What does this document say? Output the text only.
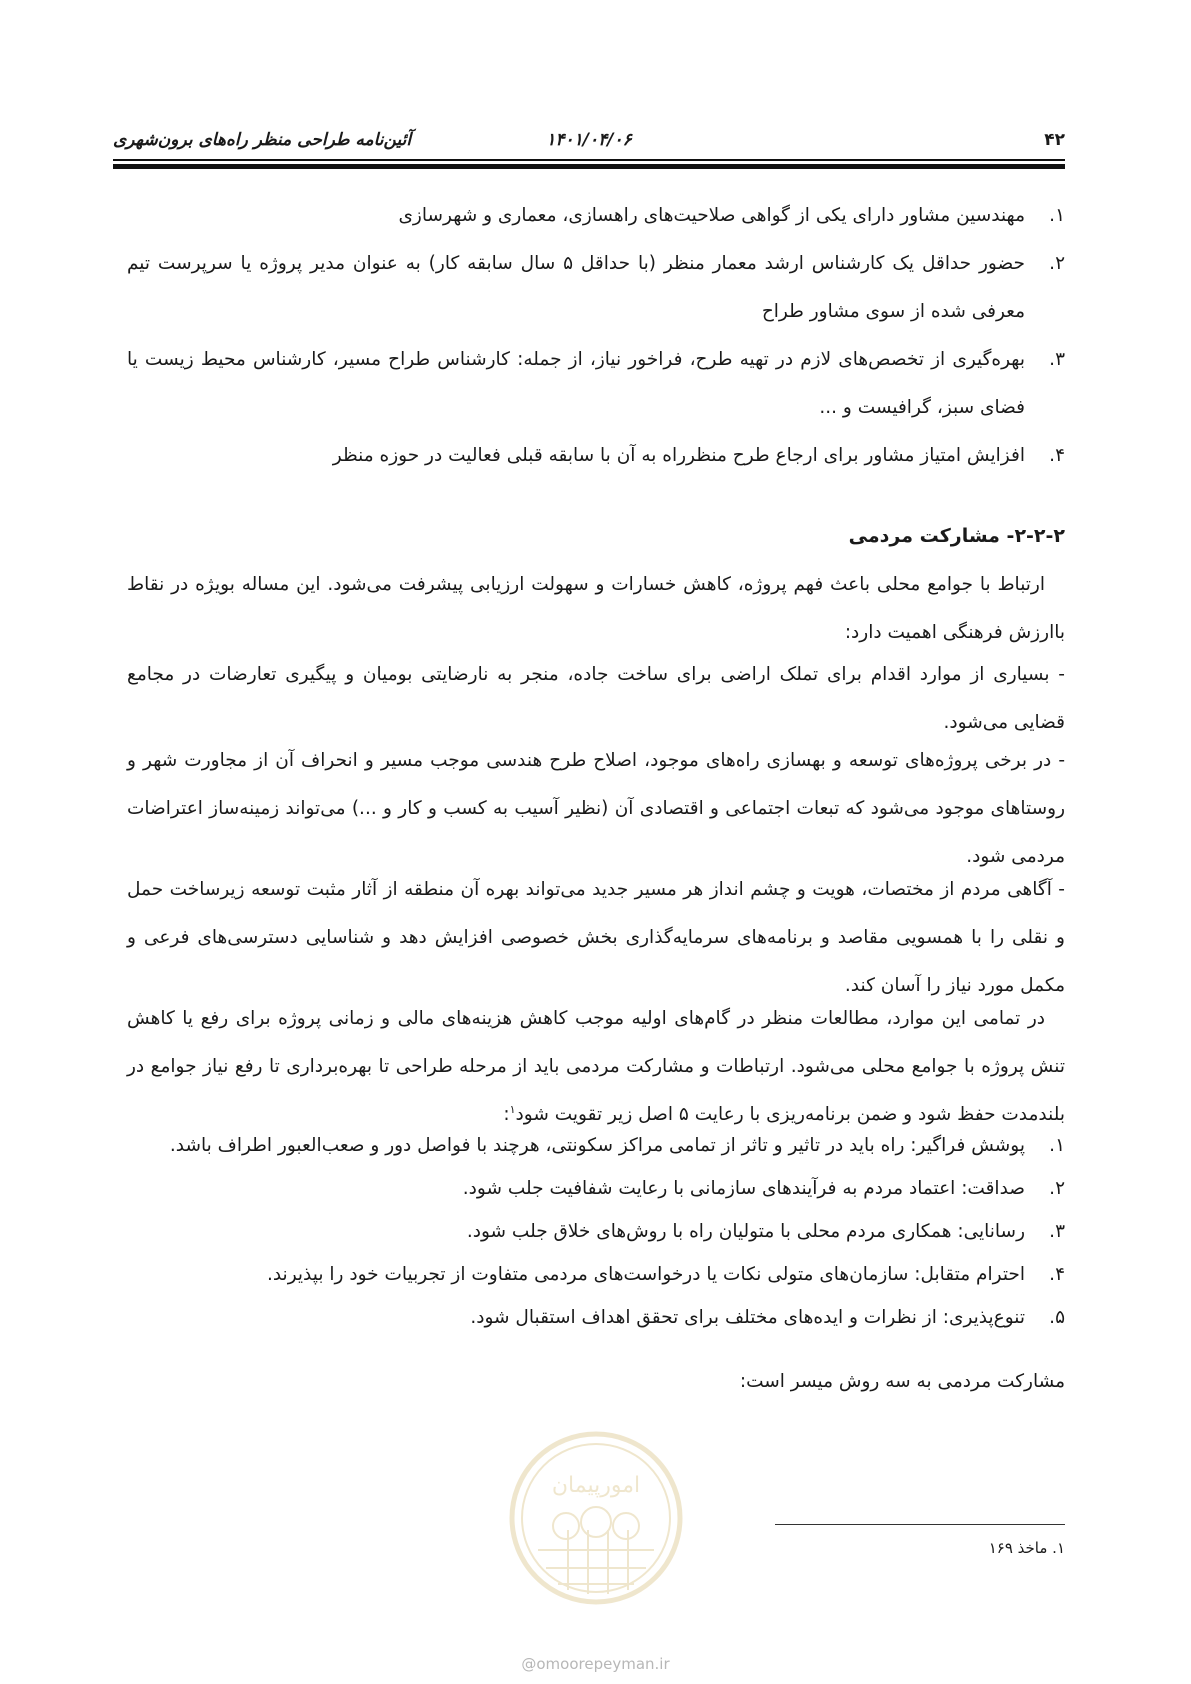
۴۲
۱۴۰۱/۰۴/۰۶
آئین‌نامه طراحی منظر راه‌های برون‌شهری
۱.
مهندسین مشاور دارای یکی از گواهی صلاحیت‌های راهسازی، معماری و شهرسازی
۲.
حضور حداقل یک کارشناس ارشد معمار منظر (با حداقل ۵ سال سابقه کار) به عنوان مدیر پروژه یا سرپرست تیم معرفی شده از سوی مشاور طراح
۳.
بهره‌گیری از تخصص‌های لازم در تهیه طرح، فراخور نیاز، از جمله: کارشناس طراح مسیر، کارشناس محیط زیست یا فضای سبز، گرافیست و ...
۴.
افزایش امتیاز مشاور برای ارجاع طرح منظرراه به آن با سابقه قبلی فعالیت در حوزه منظر
۲-۲-۲- مشارکت مردمی
ارتباط با جوامع محلی باعث فهم پروژه، کاهش خسارات و سهولت ارزیابی پیشرفت می‌شود. این مساله بویژه در نقاط باارزش فرهنگی اهمیت دارد:
- بسیاری از موارد اقدام برای تملک اراضی برای ساخت جاده، منجر به نارضایتی بومیان و پیگیری تعارضات در مجامع قضایی می‌شود.
- در برخی پروژه‌های توسعه و بهسازی راه‌های موجود، اصلاح طرح هندسی موجب مسیر و انحراف آن از مجاورت شهر و روستاهای موجود می‌شود که تبعات اجتماعی و اقتصادی آن (نظیر آسیب به کسب و کار و ...) می‌تواند زمینه‌ساز اعتراضات مردمی شود.
- آگاهی مردم از مختصات، هویت و چشم انداز هر مسیر جدید می‌تواند بهره آن منطقه از آثار مثبت توسعه زیرساخت حمل و نقلی را با همسویی مقاصد و برنامه‌های سرمایه‌گذاری بخش خصوصی افزایش دهد و شناسایی دسترسی‌های فرعی و مکمل مورد نیاز را آسان کند.
در تمامی این موارد، مطالعات منظر در گام‌های اولیه موجب کاهش هزینه‌های مالی و زمانی پروژه برای رفع یا کاهش تنش پروژه با جوامع محلی می‌شود. ارتباطات و مشارکت مردمی باید از مرحله طراحی تا بهره‌برداری تا رفع نیاز جوامع در بلندمدت حفظ شود و ضمن برنامه‌ریزی با رعایت ۵ اصل زیر تقویت شود$^۱$:
۱.
پوشش فراگیر: راه باید در تاثیر و تاثر از تمامی مراکز سکونتی، هرچند با فواصل دور و صعب‌العبور اطراف باشد.
۲.
صداقت: اعتماد مردم به فرآیندهای سازمانی با رعایت شفافیت جلب شود.
۳.
رسانایی: همکاری مردم محلی با متولیان راه با روش‌های خلاق جلب شود.
۴.
احترام متقابل: سازمان‌های متولی نکات یا درخواست‌های مردمی متفاوت از تجربیات خود را بپذیرند.
۵.
تنوع‌پذیری: از نظرات و ایده‌های مختلف برای تحقق اهداف استقبال شود.
مشارکت مردمی به سه روش میسر است:
۱. ماخذ ۱۶۹
امورپیمان
@omoorepeyman.ir
